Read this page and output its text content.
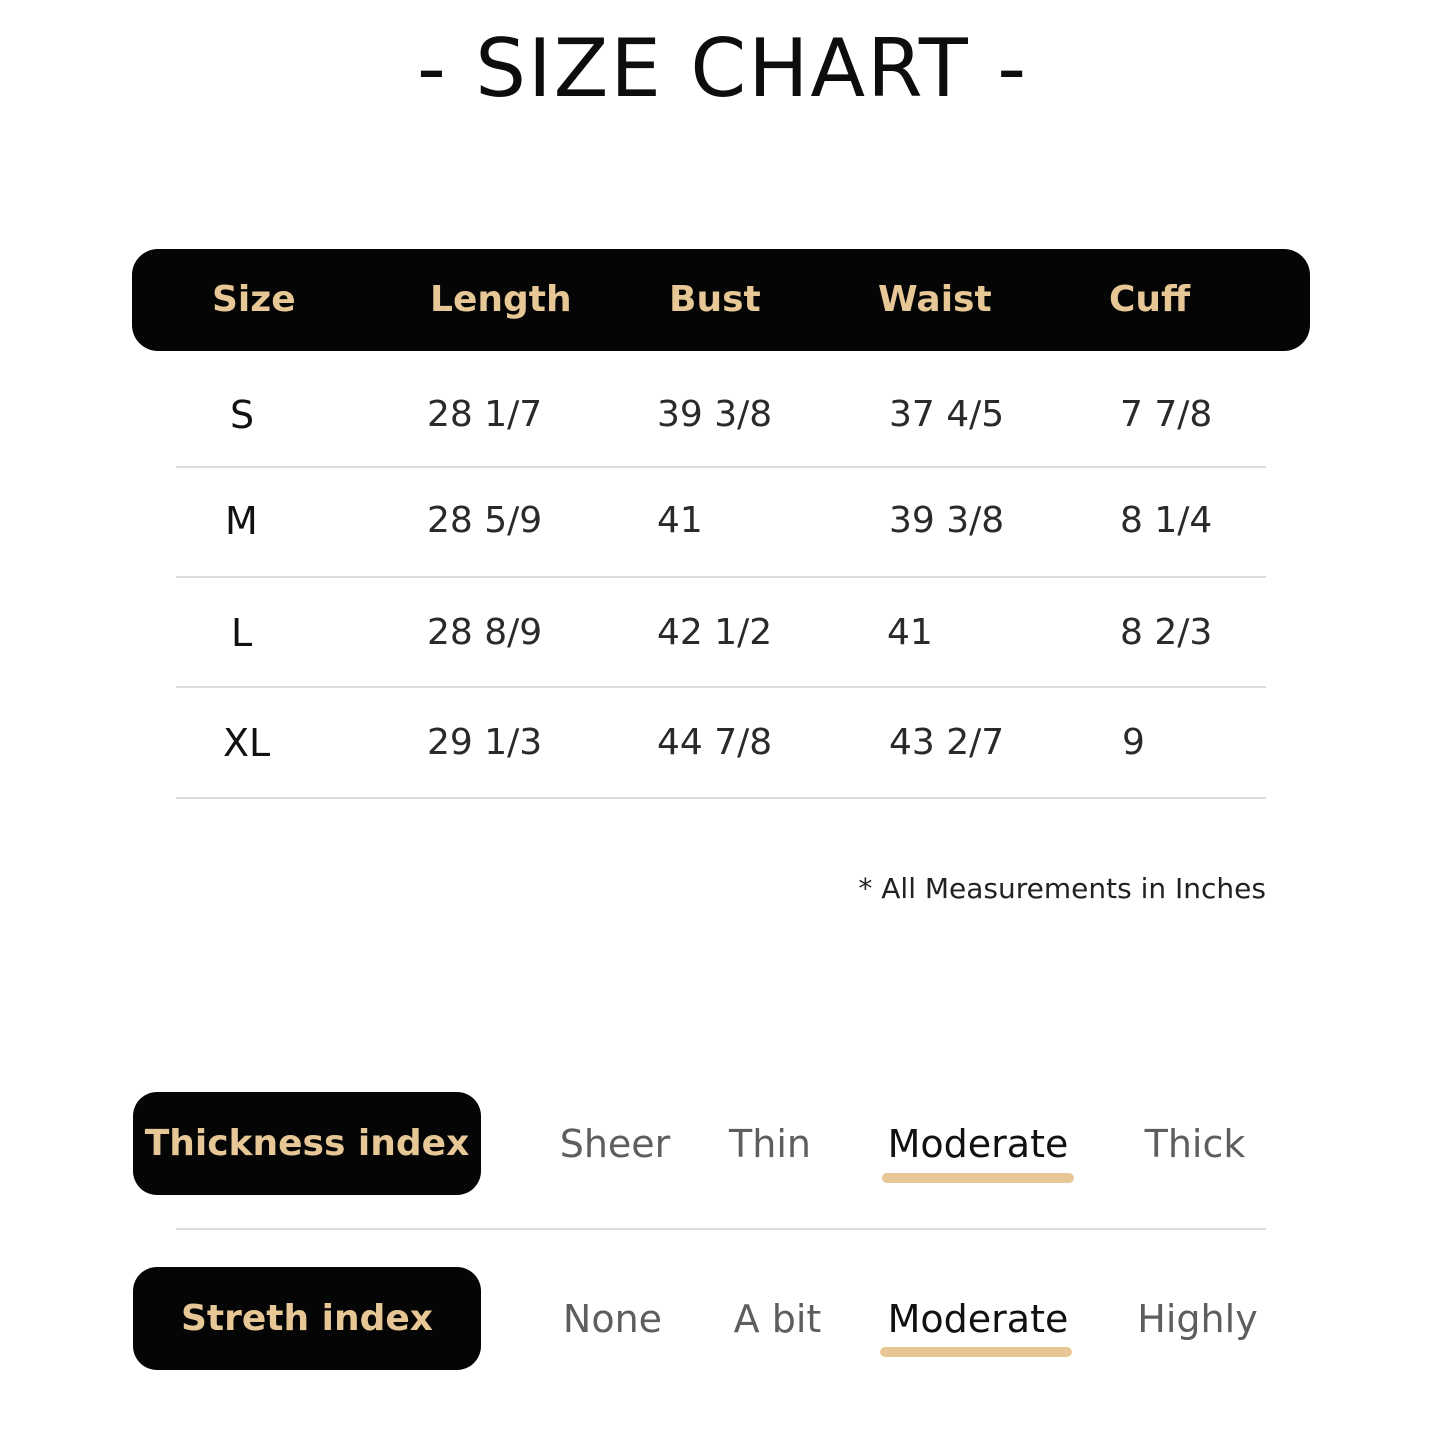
- SIZE CHART -
Size	Length	Bust	Waist	Cuff
S	28 1/7	39 3/8	37 4/5	7 7/8
M	28 5/9	41	39 3/8	8 1/4
L	28 8/9	42 1/2	41	8 2/3
XL	29 1/3	44 7/8	43 2/7	9
* All Measurements in Inches
Thickness index	Sheer Thin Moderate Thick
Streth index	None A bit Moderate Highly
